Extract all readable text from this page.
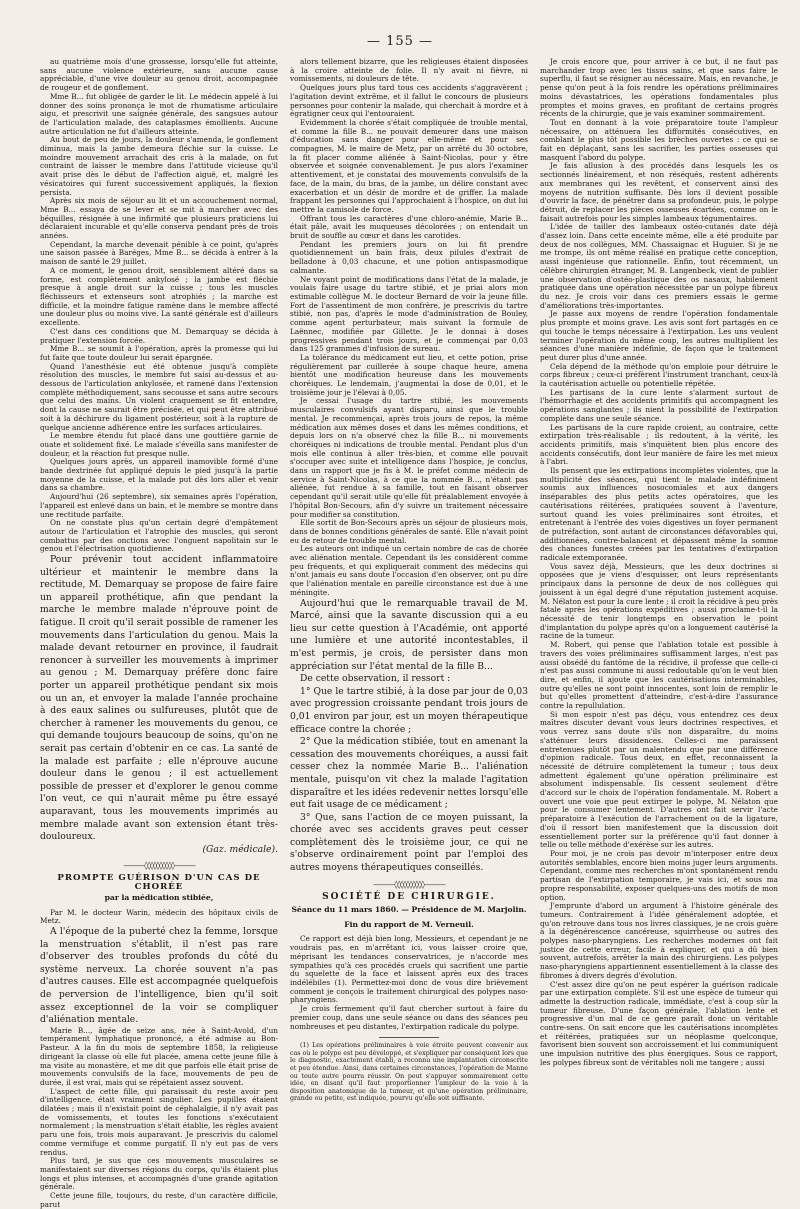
— 155 —

au quatrième mois d'une grossesse, lorsqu'elle fut atteinte, sans aucune violence extérieure, sans aucune cause appréciable, d'une vive douleur au genou droit, accompagnée de rougeur et de gonflement.

Mme B... fut obligée de garder le lit. Le médecin appelé à lui donner des soins prononça le mot de rhumatisme articulaire aigu, et prescrivit une saignée générale, des sangsues autour de l'articulation malade, des cataplasmes émollients. Aucune autre articulation ne fut d'ailleurs atteinte.

Au bout de peu de jours, la douleur s'amenda, le gonflement diminua, mais la jambe demeura fléchie sur la cuisse. Le moindre mouvement arrachait des cris à la malade, on fut contraint de laisser le membre dans l'attitude vicieuse qu'il avait prise dès le début de l'affection aiguë, et, malgré les vésicatoires qui furent successivement appliqués, la flexion persista.

Après six mois de séjour au lit et un accouchement normal, Mme B... essaya de se lever et se mit à marcher avec des béquilles, résignée à une infirmité que plusieurs praticiens lui déclaraient incurable et qu'elle conserva pendant près de trois années.

Cependant, la marche devenait pénible à ce point, qu'après une saison passée à Baréges, Mme B... se décida à entrer à la maison de santé le 29 juillet.

A ce moment, le genou droit, sensiblement altéré dans sa forme, est complètement ankylosé ; la jambe est fléchie presque à angle droit sur la cuisse ; tous les muscles fléchisseurs et extenseurs sont atrophiés ; la marche est difficile, et la moindre fatigue ramène dans le membre affecté une douleur plus ou moins vive. La santé générale est d'ailleurs excellente.

C'est dans ces conditions que M. Demarquay se décida à pratiquer l'extension forcée.

Mme B... se soumit à l'opération, après la promesse qui lui fut faite que toute douleur lui serait épargnée.

Quand l'anesthésie eut été obtenue jusqu'à complète résolution des muscles, le membre fut saisi au-dessus et au-dessous de l'articulation ankylosée, et ramené dans l'extension complète méthodiquement, sans secousse et sans autre secours que celui des mains. Un violent craquement se fit entendre, dont la cause ne saurait être précisée, et qui peut être attribué soit à la déchirure du ligament postérieur, soit à la rupture de quelque ancienne adhérence entre les surfaces articulaires.

Le membre étendu fut placé dans une gouttière garnie de ouate et solidement fixé. Le malade s'éveilla sans manifester de douleur, et la réaction fut presque nulle.

Quelques jours après, un appareil inamovible formé d'une bande dextrinée fut appliqué depuis le pied jusqu'à la partie moyenne de la cuisse, et la malade put dès lors aller et venir dans sa chambre.

Aujourd'hui (26 septembre), six semaines après l'opération, l'appareil est enlevé dans un bain, et le membre se montre dans une rectitude parfaite.

On ne constate plus qu'un certain degré d'empâtement autour de l'articulation et l'atrophie des muscles, qui seront combattus par des onctions avec l'onguent napolitain sur le genou et l'électrisation quotidienne.

Pour prévenir tout accident inflammatoire ultérieur et maintenir le membre dans la rectitude, M. Demarquay se propose de faire faire un appareil prothétique, afin que pendant la marche le membre malade n'éprouve point de fatigue. Il croit qu'il serait possible de ramener les mouvements dans l'articulation du genou. Mais la malade devant retourner en province, il faudrait renoncer à surveiller les mouvements à imprimer au genou ; M. Demarquay préfère donc faire porter un appareil prothétique pendant six mois ou un an, et envoyer la malade l'année prochaine à des eaux salines ou sulfureuses, plutôt que de chercher à ramener les mouvements du genou, ce qui demande toujours beaucoup de soins, qu'on ne serait pas certain d'obtenir en ce cas. La santé de la malade est parfaite ; elle n'éprouve aucune douleur dans le genou ; il est actuellement possible de presser et d'explorer le genou comme l'on veut, ce qui n'aurait même pu être essayé auparavant, tous les mouvements imprimés au membre malade avant son extension étant très-douloureux.

(Gaz. médicale).
———◊◊◊◊◊◊◊◊◊◊———
PROMPTE GUÉRISON D'UN CAS DE CHORÉE
par la médication stibiée,

Par M. le docteur Warin, médecin des hôpitaux civils de Metz.

A l'époque de la puberté chez la femme, lorsque la menstruation s'établit, il n'est pas rare d'observer des troubles profonds du côté du système nerveux. La chorée souvent n'a pas d'autres causes. Elle est accompagnée quelquefois de perversion de l'intelligence, bien qu'il soit assez exceptionnel de la voir se compliquer d'aliénation mentale.

Marie B..., âgée de seize ans, née à Saint-Avold, d'un tempérament lymphatique prononcé, a été admise au Bon-Pasteur. A la fin du mois de septembre 1858, la religieuse dirigeant la classe où elle fut placée, amena cette jeune fille à ma visite au monastère, et me dit que parfois elle était prise de mouvements convulsifs de la face, mouvements de peu de durée, il est vrai, mais qui se répétaient assez souvent.

L'aspect de cette fille, qui paraissait du reste avoir peu d'intelligence, était vraiment singulier. Les pupilles étaient dilatées ; mais il n'existait point de céphalalgie, il n'y avait pas de vomissements, et toutes les fonctions s'exécutaient normalement ; la menstruation s'était établie, les règles avaient paru une fois, trois mois auparavant. Je prescrivis du calomel comme vermifuge et comme purgatif. Il n'y eut pas de vers rendus.

Plus tard, je sus que ces mouvements musculaires se manifestaient sur diverses régions du corps, qu'ils étaient plus longs et plus intenses, et accompagnés d'une grande agitation générale.

Cette jeune fille, toujours, du reste, d'un caractère difficile, parut

alors tellement bizarre, que les religieuses étaient disposées à la croire atteinte de folie. Il n'y avait ni fièvre, ni vomissements, ni douleurs de tête.

Quelques jours plus tard tous ces accidents s'aggravèrent ; l'agitation devint extrême, et il fallut le concours de plusieurs personnes pour contenir la malade, qui cherchait à mordre et à égratigner ceux qui l'entouraient.

Evidemment la chorée s'était compliquée de trouble mental, et comme la fille B... ne pouvait demeurer dans une maison d'éducation sans danger pour elle-même et pour ses compagnes, M. le maire de Metz, par un arrêté du 30 octobre, la fit placer comme aliénée à Saint-Nicolas, pour y être observée et soignée convenablement. Je pus alors l'examiner attentivement, et je constatai des mouvements convulsifs de la face, de la main, du bras, de la jambe, un délire constant avec exacerbation et un désir de mordre et de griffer. La malade frappant les personnes qui l'approchaient à l'hospice, on dut lui mettre la camisole de force.

Offrant tous les caractères d'une chloro-anémie, Marie B... était pâle, avait les muqueuses décolorées ; on entendait un bruit de souffle au cœur et dans les carotides.

Pendant les premiers jours on lui fit prendre quotidiennement un bain frais, deux pilules d'extrait de belladone à 0,03 chacune, et une potion antispasmodique calmante.

Ne voyant point de modifications dans l'état de la malade, je voulais faire usage du tartre stibié, et je priai alors mon estimable collègue M. le docteur Bernard de voir la jeune fille. Fort de l'assentiment de mon confrère, je prescrivis du tartre stibié, non pas, d'après le mode d'administration de Bouley, comme agent perturbateur, mais suivant la formule de Laënnec, modifiée par Gillette. Je le donnai à doses progressives pendant trois jours, et je commençai par 0,03 dans 125 grammes d'infusion de sureau.

La tolérance du médicament eut lieu, et cette potion, prise régulièrement par cuillerée à soupe chaque heure, amena bientôt une modification heureuse dans les mouvements choréiques. Le lendemain, j'augmentai la dose de 0,01, et le troisième jour je l'élevai à 0,05.

Je cessai l'usage du tartre stibié, les mouvements musculaires convulsifs ayant disparu, ainsi que le trouble mental. Je recommençai, après trois jours de repos, la même médication aux mêmes doses et dans les mêmes conditions, et depuis lors on n'a observé chez la fille B... ni mouvements choréiques ni indications de trouble mental. Pendant plus d'un mois elle continua à aller très-bien, et comme elle pouvait s'occuper avec suite et intelligence dans l'hospice, je conclus, dans un rapport que je fis à M. le préfet comme médecin de service à Saint-Nicolas, à ce que la nommée B..., n'étant pas aliénée, fut rendue à sa famille, tout en faisant observer cependant qu'il serait utile qu'elle fût préalablement envoyée à l'hôpital Bon-Secours, afin d'y suivre un traitement nécessaire pour modifier sa constitution.

Elle sortit de Bon-Secours après un séjour de plusieurs mois, dans de bonnes conditions générales de santé. Elle n'avait point eu de retour de trouble mental.

Les auteurs ont indiqué un certain nombre de cas de chorée avec aliénation mentale. Cependant ils les considèrent comme peu fréquents, et qui expliquerait comment des médecins qui n'ont jamais eu sans doute l'occasion d'en observer, ont pu dire que l'aliénation mentale en pareille circonstance est due à une méningite.

Aujourd'hui que le remarquable travail de M. Marcé, ainsi que la savante discussion qui a eu lieu sur cette question à l'Académie, ont apporté une lumière et une autorité incontestables, il m'est permis, je crois, de persister dans mon appréciation sur l'état mental de la fille B...

De cette observation, il ressort :

1° Que le tartre stibié, à la dose par jour de 0,03 avec progression croissante pendant trois jours de 0,01 environ par jour, est un moyen thérapeutique efficace contre la chorée ;

2° Que la médication stibiée, tout en amenant la cessation des mouvements choréiques, a aussi fait cesser chez la nommée Marie B... l'aliénation mentale, puisqu'on vit chez la malade l'agitation disparaître et les idées redevenir nettes lorsqu'elle eut fait usage de ce médicament ;

3° Que, sans l'action de ce moyen puissant, la chorée avec ses accidents graves peut cesser complètement dès le troisième jour, ce qui ne s'observe ordinairement point par l'emploi des autres moyens thérapeutiques conseillés.

———◊◊◊◊◊◊◊◊◊◊———
SOCIÉTÉ DE CHIRURGIE.
Séance du 11 mars 1860. — Présidence de M. Marjolin.
Fin du rapport de M. Verneuil.

Ce rapport est déjà bien long, Messieurs, et cependant je ne voudrais pas, en m'arrêtant ici, vous laisser croire que, méprisant les tendances conservatrices, je n'accorde mes sympathies qu'à ces procédés cruels qui sacrifient une partie du squelette de la face et laissent après eux des traces indélébiles (1). Permettez-moi donc de vous dire brièvement comment je conçois le traitement chirurgical des polypes naso-pharyngiens.

Je crois fermement qu'il faut chercher surtout à faire du premier coup, dans une seule séance ou dans des séances peu nombreuses et peu distantes, l'extirpation radicale du polype.

(1) Les opérations préliminaires à voie étroite peuvent convenir aux cas où le polype est peu développé, et s'expliquer par conséquent lors que le diagnostic, exactement établi, a reconnu une implantation circonscrite et peu étendue. Ainsi, dans certaines circonstances, l'opération de Manne ou toute autre pourra réussir. On peut s'appuyer sommairement cette idée, en disant qu'il faut proportionner l'ampleur de la voie à la disposition anatomique de la tumeur, et qu'une opération préliminaire, grande ou petite, est indiquée, pourvu qu'elle soit suffisante.

Je crois encore que, pour arriver à ce but, il ne faut pas marchander trop avec les tissus sains, et que sans faire le superflu, il faut se résigner au nécessaire. Mais, en revanche, je pense qu'on peut à la fois rendre les opérations préliminaires moins dévastatrices, les opérations fondamentales plus promptes et moins graves, en profitant de certains progrès récents de la chirurgie, que je vais examiner sommairement.

Tout en donnant à la voie préparatoire toute l'ampleur nécessaire, on atténuera les difformités consécutives, en comblant le plus tôt possible les brèches ouvertes : ce qui se fait en déplaçant, sans les sacrifier, les parties osseuses qui masquent l'abord du polype.

Je fais allusion à des procédés dans lesquels les os sectionnés linéairement, et non réséqués, restent adhérents aux membranes qui les revêtent, et conservent ainsi des moyens de nutrition suffisante. Dès lors il devient possible d'ouvrir la face, de pénétrer dans sa profondeur, puis, le polype détruit, de replacer les pièces osseuses écartées, comme on le faisait autrefois pour les simples lambeaux tégumentaires.

L'idée de tailler des lambeaux ostéo-cutanés date déjà d'assez loin. Dans cette enceinte même, elle a été produite par deux de nos collègues, MM. Chassaignac et Huguier. Si je ne me trompe, ils ont même réalisé en pratique cette conception, aussi ingénieuse que rationnelle. Enfin, tout récemment, un célèbre chirurgien étranger, M. B. Langenbeck, vient de publier une observation d'ostéo-plastique des os nasaux, habilement pratiquée dans une opération nécessitée par un polype fibreux du nez. Je crois voir dans ces premiers essais le germe d'améliorations très-importantes.

Je passe aux moyens de rendre l'opération fondamentale plus prompte et moins grave. Les avis sont fort partagés en ce qui touche le temps nécessaire à l'extirpation. Les uns veulent terminer l'opération du même coup, les autres multiplient les séances d'une manière indéfinie, de façon que le traitement peut durer plus d'une année.

Cela dépend de la méthode qu'on emploie pour détruire le corps fibreux ; ceux-ci préfèrent l'instrument tranchant, ceux-là la cautérisation actuelle ou potentielle répétée.

Les partisans de la cure lente s'alarment surtout de l'hémorrhagie et des accidents primitifs qui accompagnent les opérations sanglantes ; ils nient la possibilité de l'extirpation complète dans une seule séance.

Les partisans de la cure rapide croient, au contraire, cette extirpation très-réalisable ; ils redoutent, à la vérité, les accidents primitifs, mais s'inquiètent bien plus encore des accidents consécutifs, dont leur manière de faire les met mieux à l'abri.

Ils pensent que les extirpations incomplètes violentes, que la multiplicité des séances, qui tient le malade indéfiniment soumis aux influences nosocomiales et aux dangers inséparables des plus petits actes opératoires, que les cautérisations réitérées, pratiquées souvent à l'aventure, surtout quand les voies préliminaires sont étroites, et entretenant à l'entrée des voies digestives un foyer permanent de putréfaction, sont autant de circonstances défavorables qui, additionnées, contre-balancent et dépassent même la somme des chances funestes créées par les tentatives d'extirpation radicale extemporanée.

Vous savez déjà, Messieurs, que les deux doctrines si opposées que je viens d'esquisser, ont leurs représentants principaux dans la personne de deux de nos collègues qui jouissent à un égal degré d'une réputation justement acquise. M. Nélaton est pour la cure lente ; il croit la récidive à peu près fatale après les opérations expéditives ; aussi proclame-t-il la nécessité de tenir longtemps en observation le point d'implantation du polype après qu'on a longuement cautérisé la racine de la tumeur.

M. Robert, qui pense que l'ablation totale est possible à travers des voies préliminaires suffisamment larges, n'est pas aussi obsédé du fantôme de la récidive, il professe que celle-ci n'est pas aussi commune ni aussi redoutable qu'on le veut bien dire, et enfin, il ajoute que les cautérisations interminables, outre qu'elles ne sont point innocentes, sont loin de remplir le but qu'elles promettent d'atteindre, c'est-à-dire l'assurance contre la repullulation.

Si mon espoir n'est pas déçu, vous entendrez ces deux maîtres discuter devant vous leurs doctrines respectives, et vous verrez sans doute s'ils non disparaître, du moins s'atténuer leurs dissidences. Celles-ci me paraissent entretenues plutôt par un malentendu que par une différence d'opinion radicale. Tous deux, en effet, reconnaissent la nécessité de détruire complètement la tumeur ; tous deux admettent également qu'une opération préliminaire est absolument indispensable. Ils cessent seulement d'être d'accord sur le choix de l'opération fondamentale. M. Robert a ouvert une voie que peut extirper le polype, M. Nélaton que pour le consumer lentement. D'autres ont fait servir l'acte préparatoire à l'exécution de l'arrachement ou de la ligature, d'où il ressort bien manifestement que la discussion doit essentiellement porter sur la préférence qu'il faut donner à telle ou telle méthode d'exérèse sur les autres.

Pour moi, je ne crois pas devoir m'interposer entre deux autorités semblables, encore bien moins juger leurs arguments. Cependant, comme mes recherches m'ont spontanément rendu partisan de l'extirpation temporaire, je vais ici, et sous ma propre responsabilité, exposer quelques-uns des motifs de mon option.

J'emprunte d'abord un argument à l'histoire générale des tumeurs. Contrairement à l'idée généralement adoptée, et qu'on retrouve dans tous nos livres classiques, je ne crois guère à la dégénérescence cancéreuse, squirrheuse ou autres des polypes naso-pharyngiens. Les recherches modernes ont fait justice de cette erreur, facile à expliquer, et qui a dû bien souvent, autrefois, arrêter la main des chirurgiens. Les polypes naso-pharyngiens appartiennent essentiellement à la classe des fibromes à divers degrés d'évolution.

C'est assez dire qu'on ne peut espérer la guérison radicale par une extirpation complète. S'il est une espèce de tumeur qui admette la destruction radicale, immédiate, c'est à coup sûr la tumeur fibreuse. D'une façon générale, l'ablation lente et progressive d'un mal de ce genre paraît donc un véritable contre-sens. On sait encore que les cautérisations incomplètes et réitérées, pratiquées sur un néoplasme quelconque, favorisent bien souvent son accroissement et lui communiquent une impulsion nutritive des plus énergiques. Sous ce rapport, les polypes fibreux sont de véritables noli me tangere ; aussi
